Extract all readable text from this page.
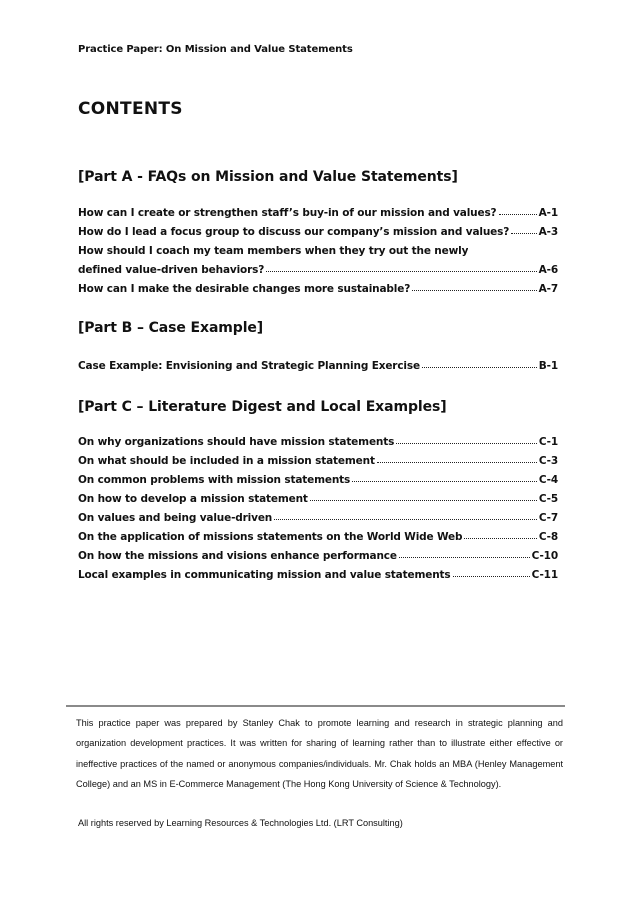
Practice Paper: On Mission and Value Statements
CONTENTS
[Part A - FAQs on Mission and Value Statements]
How can I create or strengthen staff’s buy-in of our mission and values?	A-1
How do I lead a focus group to discuss our company’s mission and values?	A-3
How should I coach my team members when they try out the newly
defined value-driven behaviors?	A-6
How can I make the desirable changes more sustainable?	A-7
[Part B – Case Example]
Case Example: Envisioning and Strategic Planning Exercise	B-1
[Part C – Literature Digest and Local Examples]
On why organizations should have mission statements	C-1
On what should be included in a mission statement	C-3
On common problems with mission statements	C-4
On how to develop a mission statement	C-5
On values and being value-driven	C-7
On the application of missions statements on the World Wide Web	C-8
On how the missions and visions enhance performance	C-10
Local examples in communicating mission and value statements	C-11
This practice paper was prepared by Stanley Chak to promote learning and research in strategic planning and organization development practices. It was written for sharing of learning rather than to illustrate either effective or ineffective practices of the named or anonymous companies/individuals. Mr. Chak holds an MBA (Henley Management College) and an MS in E-Commerce Management (The Hong Kong University of Science & Technology).
All rights reserved by Learning Resources & Technologies Ltd. (LRT Consulting)
